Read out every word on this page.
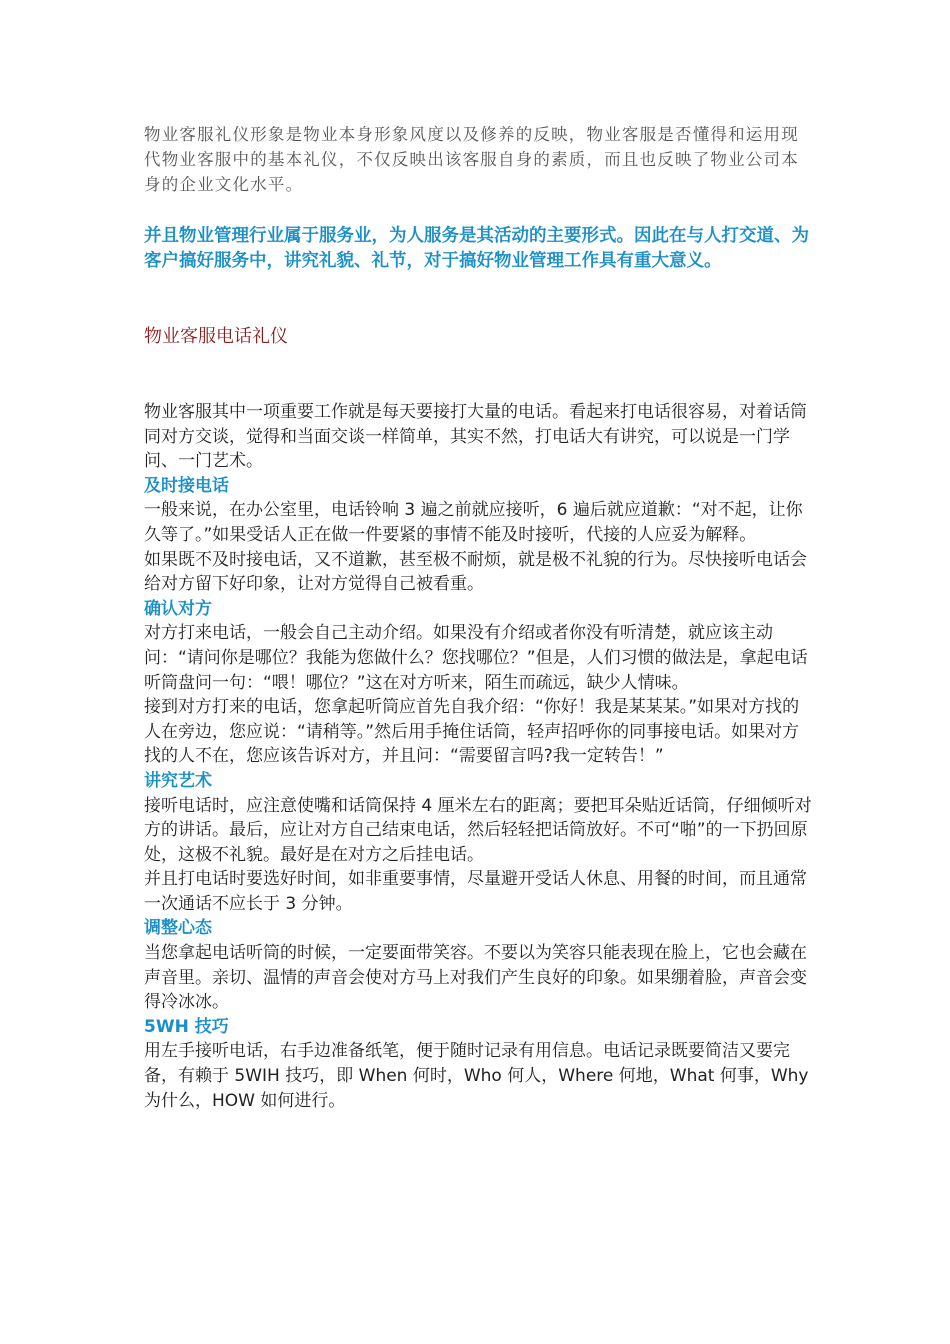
物业客服礼仪形象是物业本身形象风度以及修养的反映，物业客服是否懂得和运用现代物业客服中的基本礼仪，不仅反映出该客服自身的素质，而且也反映了物业公司本身的企业文化水平。

并且物业管理行业属于服务业，为人服务是其活动的主要形式。因此在与人打交道、为客户搞好服务中，讲究礼貌、礼节，对于搞好物业管理工作具有重大意义。

物业客服电话礼仪

物业客服其中一项重要工作就是每天要接打大量的电话。看起来打电话很容易，对着话筒同对方交谈，觉得和当面交谈一样简单，其实不然，打电话大有讲究，可以说是一门学问、一门艺术。

及时接电话

一般来说，在办公室里，电话铃响 3 遍之前就应接听，6 遍后就应道歉：“对不起，让你久等了。”如果受话人正在做一件要紧的事情不能及时接听，代接的人应妥为解释。

如果既不及时接电话，又不道歉，甚至极不耐烦，就是极不礼貌的行为。尽快接听电话会给对方留下好印象，让对方觉得自己被看重。

确认对方

对方打来电话，一般会自己主动介绍。如果没有介绍或者你没有听清楚，就应该主动问：“请问你是哪位？我能为您做什么？您找哪位？”但是，人们习惯的做法是，拿起电话听筒盘问一句：“喂！哪位？”这在对方听来，陌生而疏远，缺少人情味。

接到对方打来的电话，您拿起听筒应首先自我介绍：“你好！我是某某某。”如果对方找的人在旁边，您应说：“请稍等。”然后用手掩住话筒，轻声招呼你的同事接电话。如果对方找的人不在，您应该告诉对方，并且问：“需要留言吗?我一定转告！”

讲究艺术

接听电话时，应注意使嘴和话筒保持 4 厘米左右的距离；要把耳朵贴近话筒，仔细倾听对方的讲话。最后，应让对方自己结束电话，然后轻轻把话筒放好。不可“啪”的一下扔回原处，这极不礼貌。最好是在对方之后挂电话。

并且打电话时要选好时间，如非重要事情，尽量避开受话人休息、用餐的时间，而且通常一次通话不应长于 3 分钟。

调整心态

当您拿起电话听筒的时候，一定要面带笑容。不要以为笑容只能表现在脸上，它也会藏在声音里。亲切、温情的声音会使对方马上对我们产生良好的印象。如果绷着脸，声音会变得冷冰冰。

5WH 技巧

用左手接听电话，右手边准备纸笔，便于随时记录有用信息。电话记录既要简洁又要完备，有赖于 5WIH 技巧，即 When 何时，Who 何人，Where 何地，What 何事，Why 为什么，HOW 如何进行。
